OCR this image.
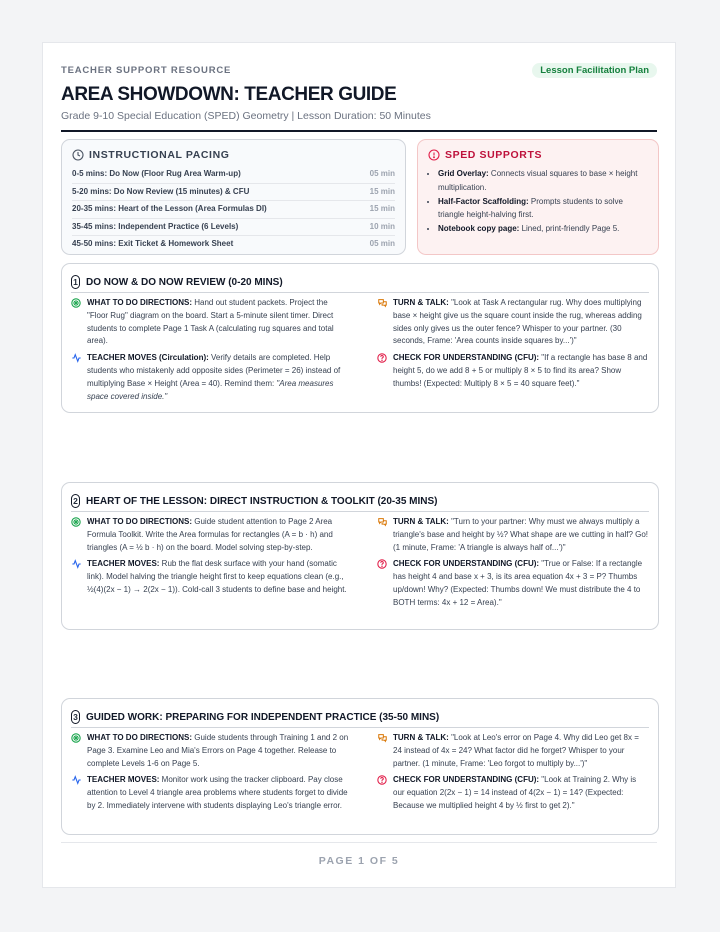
TEACHER SUPPORT RESOURCE	Lesson Facilitation Plan
AREA SHOWDOWN: TEACHER GUIDE
Grade 9-10 Special Education (SPED) Geometry | Lesson Duration: 50 Minutes
INSTRUCTIONAL PACING
0-5 mins: Do Now (Floor Rug Area Warm-up)	05 min
5-20 mins: Do Now Review (15 minutes) & CFU	15 min
20-35 mins: Heart of the Lesson (Area Formulas DI)	15 min
35-45 mins: Independent Practice (6 Levels)	10 min
45-50 mins: Exit Ticket & Homework Sheet	05 min
SPED SUPPORTS
• Grid Overlay: Connects visual squares to base × height multiplication.
• Half-Factor Scaffolding: Prompts students to solve triangle height-halving first.
• Notebook copy page: Lined, print-friendly Page 5.
1 DO NOW & DO NOW REVIEW (0-20 MINS)
WHAT TO DO DIRECTIONS: Hand out student packets. Project the "Floor Rug" diagram on the board. Start a 5-minute silent timer. Direct students to complete Page 1 Task A (calculating rug squares and total area).
TEACHER MOVES (Circulation): Verify details are completed. Help students who mistakenly add opposite sides (Perimeter = 26) instead of multiplying Base × Height (Area = 40). Remind them: "Area measures space covered inside."
TURN & TALK: "Look at Task A rectangular rug. Why does multiplying base × height give us the square count inside the rug, whereas adding sides only gives us the outer fence? Whisper to your partner. (30 seconds, Frame: 'Area counts inside squares by...')"
CHECK FOR UNDERSTANDING (CFU): "If a rectangle has base 8 and height 5, do we add 8 + 5 or multiply 8 × 5 to find its area? Show thumbs! (Expected: Multiply 8 × 5 = 40 square feet)."
2 HEART OF THE LESSON: DIRECT INSTRUCTION & TOOLKIT (20-35 MINS)
WHAT TO DO DIRECTIONS: Guide student attention to Page 2 Area Formula Toolkit. Write the Area formulas for rectangles (A = b · h) and triangles (A = ½ b · h) on the board. Model solving step-by-step.
TEACHER MOVES: Rub the flat desk surface with your hand (somatic link). Model halving the triangle height first to keep equations clean (e.g., ½(4)(2x − 1) → 2(2x − 1)). Cold-call 3 students to define base and height.
TURN & TALK: "Turn to your partner: Why must we always multiply a triangle's base and height by ½? What shape are we cutting in half? Go! (1 minute, Frame: 'A triangle is always half of...')"
CHECK FOR UNDERSTANDING (CFU): "True or False: If a rectangle has height 4 and base x + 3, is its area equation 4x + 3 = P? Thumbs up/down! Why? (Expected: Thumbs down! We must distribute the 4 to BOTH terms: 4x + 12 = Area)."
3 GUIDED WORK: PREPARING FOR INDEPENDENT PRACTICE (35-50 MINS)
WHAT TO DO DIRECTIONS: Guide students through Training 1 and 2 on Page 3. Examine Leo and Mia's Errors on Page 4 together. Release to complete Levels 1-6 on Page 5.
TEACHER MOVES: Monitor work using the tracker clipboard. Pay close attention to Level 4 triangle area problems where students forget to divide by 2. Immediately intervene with students displaying Leo's triangle error.
TURN & TALK: "Look at Leo's error on Page 4. Why did Leo get 8x = 24 instead of 4x = 24? What factor did he forget? Whisper to your partner. (1 minute, Frame: 'Leo forgot to multiply by...')"
CHECK FOR UNDERSTANDING (CFU): "Look at Training 2. Why is our equation 2(2x − 1) = 14 instead of 4(2x − 1) = 14? (Expected: Because we multiplied height 4 by ½ first to get 2)."
PAGE 1 OF 5
